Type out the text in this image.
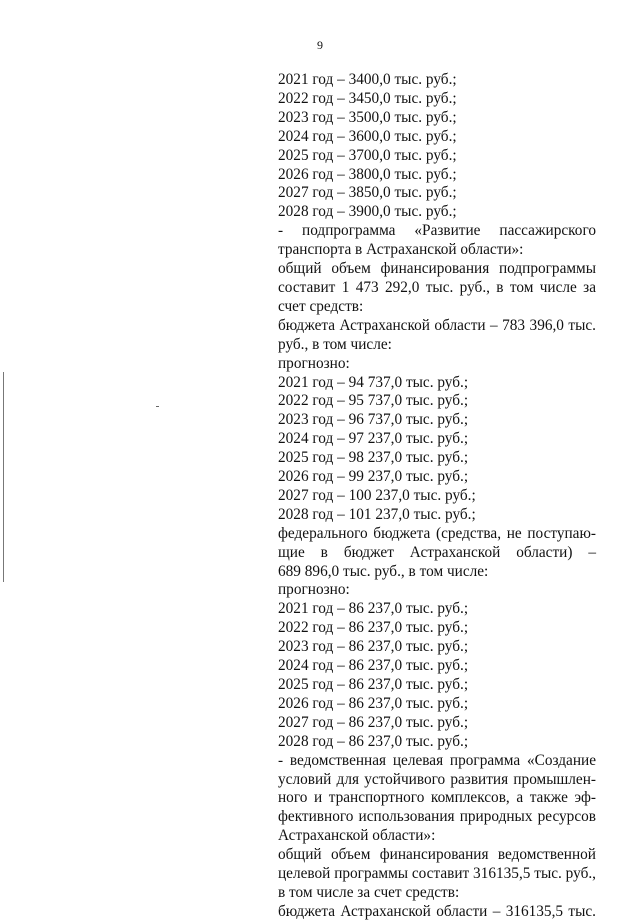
9
2021 год – 3400,0 тыс. руб.;
2022 год – 3450,0 тыс. руб.;
2023 год – 3500,0 тыс. руб.;
2024 год – 3600,0 тыс. руб.;
2025 год – 3700,0 тыс. руб.;
2026 год – 3800,0 тыс. руб.;
2027 год – 3850,0 тыс. руб.;
2028 год – 3900,0 тыс. руб.;
- подпрограмма «Развитие пассажирского
транспорта в Астраханской области»:
общий объем финансирования подпрограммы
составит 1 473 292,0 тыс. руб., в том числе за
счет средств:
бюджета Астраханской области – 783 396,0 тыс.
руб., в том числе:
прогнозно:
2021 год – 94 737,0 тыс. руб.;
2022 год – 95 737,0 тыс. руб.;
2023 год – 96 737,0 тыс. руб.;
2024 год – 97 237,0 тыс. руб.;
2025 год – 98 237,0 тыс. руб.;
2026 год – 99 237,0 тыс. руб.;
2027 год – 100 237,0 тыс. руб.;
2028 год – 101 237,0 тыс. руб.;
федерального бюджета (средства, не поступаю-
щие в бюджет Астраханской области) –
689 896,0 тыс. руб., в том числе:
прогнозно:
2021 год – 86 237,0 тыс. руб.;
2022 год – 86 237,0 тыс. руб.;
2023 год – 86 237,0 тыс. руб.;
2024 год – 86 237,0 тыс. руб.;
2025 год – 86 237,0 тыс. руб.;
2026 год – 86 237,0 тыс. руб.;
2027 год – 86 237,0 тыс. руб.;
2028 год – 86 237,0 тыс. руб.;
- ведомственная целевая программа «Создание
условий для устойчивого развития промышлен-
ного и транспортного комплексов, а также эф-
фективного использования природных ресурсов
Астраханской области»:
общий объем финансирования ведомственной
целевой программы составит 316135,5 тыс. руб.,
в том числе за счет средств:
бюджета Астраханской области – 316135,5 тыс.
